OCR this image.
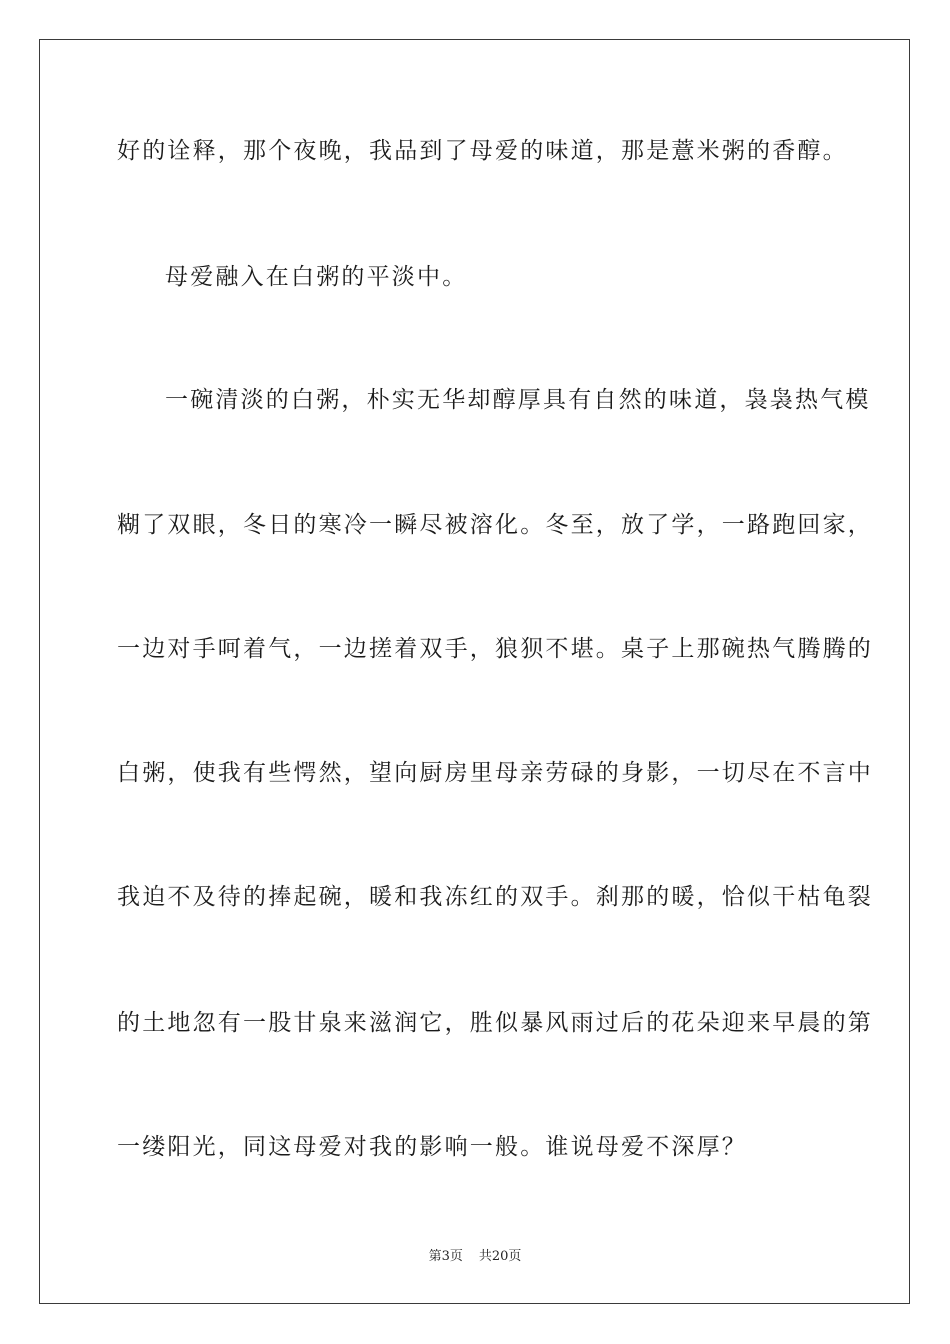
好的诠释，那个夜晚，我品到了母爱的味道，那是薏米粥的香醇。
母爱融入在白粥的平淡中。
一碗清淡的白粥，朴实无华却醇厚具有自然的味道，袅袅热气模
糊了双眼，冬日的寒冷一瞬尽被溶化。冬至，放了学，一路跑回家，
一边对手呵着气，一边搓着双手，狼狈不堪。桌子上那碗热气腾腾的
白粥，使我有些愕然，望向厨房里母亲劳碌的身影，一切尽在不言中
我迫不及待的捧起碗，暖和我冻红的双手。刹那的暖，恰似干枯龟裂
的土地忽有一股甘泉来滋润它，胜似暴风雨过后的花朵迎来早晨的第
一缕阳光，同这母爱对我的影响一般。谁说母爱不深厚？
第3页 共20页
